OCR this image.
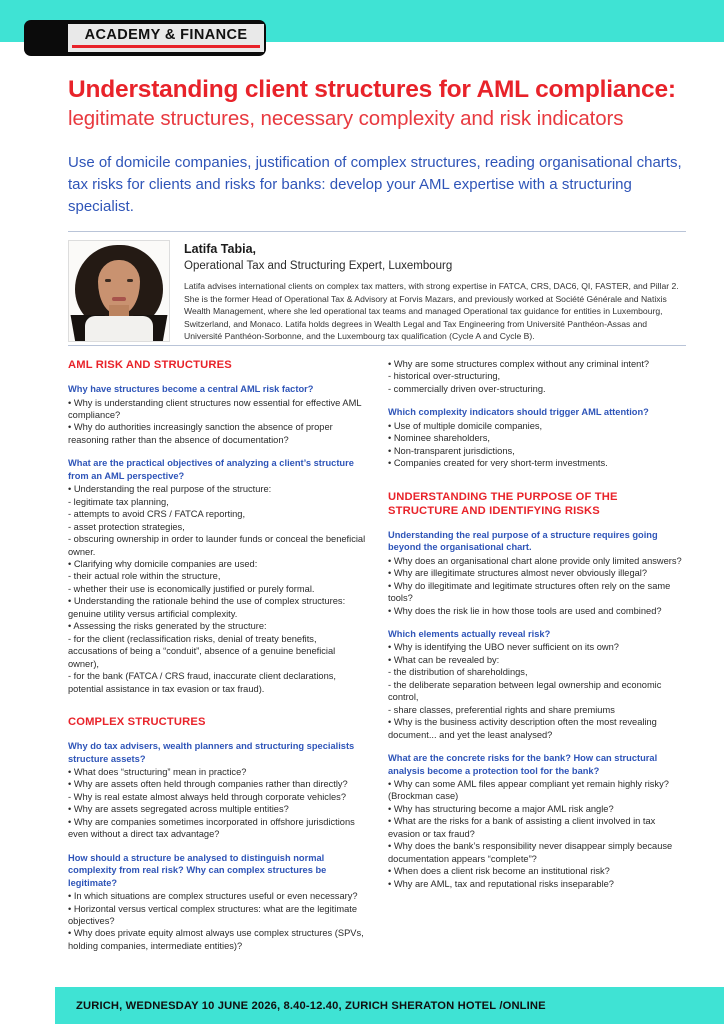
ACADEMY & FINANCE
Understanding client structures for AML compliance:
legitimate structures, necessary complexity and risk indicators
Use of domicile companies, justification of complex structures, reading organisational charts, tax risks for clients and risks for banks: develop your AML expertise with a structuring specialist.
Latifa Tabia,
Operational Tax and Structuring Expert, Luxembourg
Latifa advises international clients on complex tax matters, with strong expertise in FATCA, CRS, DAC6, QI, FASTER, and Pillar 2. She is the former Head of Operational Tax & Advisory at Forvis Mazars, and previously worked at Société Générale and Natixis Wealth Management, where she led operational tax teams and managed Operational tax guidance for entities in Luxembourg, Switzerland, and Monaco. Latifa holds degrees in Wealth Legal and Tax Engineering from Université Panthéon-Assas and Université Panthéon-Sorbonne, and the Luxembourg tax qualification (Cycle A and Cycle B).
AML RISK AND STRUCTURES
Why have structures become a central AML risk factor?

• Why is understanding client structures now essential for effective AML compliance?

• Why do authorities increasingly sanction the absence of proper reasoning rather than the absence of documentation?

What are the practical objectives of analyzing a client’s structure from an AML perspective?

• Understanding the real purpose of the structure:

- legitimate tax planning,

- attempts to avoid CRS / FATCA reporting,

- asset protection strategies,

- obscuring ownership in order to launder funds or conceal the beneficial owner.

• Clarifying why domicile companies are used:

- their actual role within the structure,

- whether their use is economically justified or purely formal.

• Understanding the rationale behind the use of complex structures: genuine utility versus artificial complexity.

• Assessing the risks generated by the structure:

- for the client (reclassification risks, denial of treaty benefits, accusations of being a “conduit”, absence of a genuine beneficial owner),

- for the bank (FATCA / CRS fraud, inaccurate client declarations, potential assistance in tax evasion or tax fraud).

COMPLEX STRUCTURES
Why do tax advisers, wealth planners and structuring specialists structure assets?

• What does “structuring” mean in practice?

• Why are assets often held through companies rather than directly?

- Why is real estate almost always held through corporate vehicles?

• Why are assets segregated across multiple entities?

• Why are companies sometimes incorporated in offshore jurisdictions even without a direct tax advantage?

How should a structure be analysed to distinguish normal complexity from real risk? Why can complex structures be legitimate?

• In which situations are complex structures useful or even necessary?

• Horizontal versus vertical complex structures: what are the legitimate objectives?

• Why does private equity almost always use complex structures (SPVs, holding companies, intermediate entities)?

• Why are some structures complex without any criminal intent?

- historical over-structuring,

- commercially driven over-structuring.

Which complexity indicators should trigger AML attention?

• Use of multiple domicile companies,

• Nominee shareholders,

• Non-transparent jurisdictions,

• Companies created for very short-term investments.

UNDERSTANDING THE PURPOSE OF THE STRUCTURE AND IDENTIFYING RISKS
Understanding the real purpose of a structure requires going beyond the organisational chart.

• Why does an organisational chart alone provide only limited answers?

• Why are illegitimate structures almost never obviously illegal?

• Why do illegitimate and legitimate structures often rely on the same tools?

• Why does the risk lie in how those tools are used and combined?

Which elements actually reveal risk?

• Why is identifying the UBO never sufficient on its own?

• What can be revealed by:

- the distribution of shareholdings,

- the deliberate separation between legal ownership and economic control,

- share classes, preferential rights and share premiums

• Why is the business activity description often the most revealing document... and yet the least analysed?

What are the concrete risks for the bank? How can structural analysis become a protection tool for the bank?

• Why can some AML files appear compliant yet remain highly risky? (Brockman case)

• Why has structuring become a major AML risk angle?

• What are the risks for a bank of assisting a client involved in tax evasion or tax fraud?

• Why does the bank’s responsibility never disappear simply because documentation appears “complete”?

• When does a client risk become an institutional risk?

• Why are AML, tax and reputational risks inseparable?

ZURICH, WEDNESDAY 10 JUNE 2026, 8.40-12.40, ZURICH SHERATON HOTEL /ONLINE
